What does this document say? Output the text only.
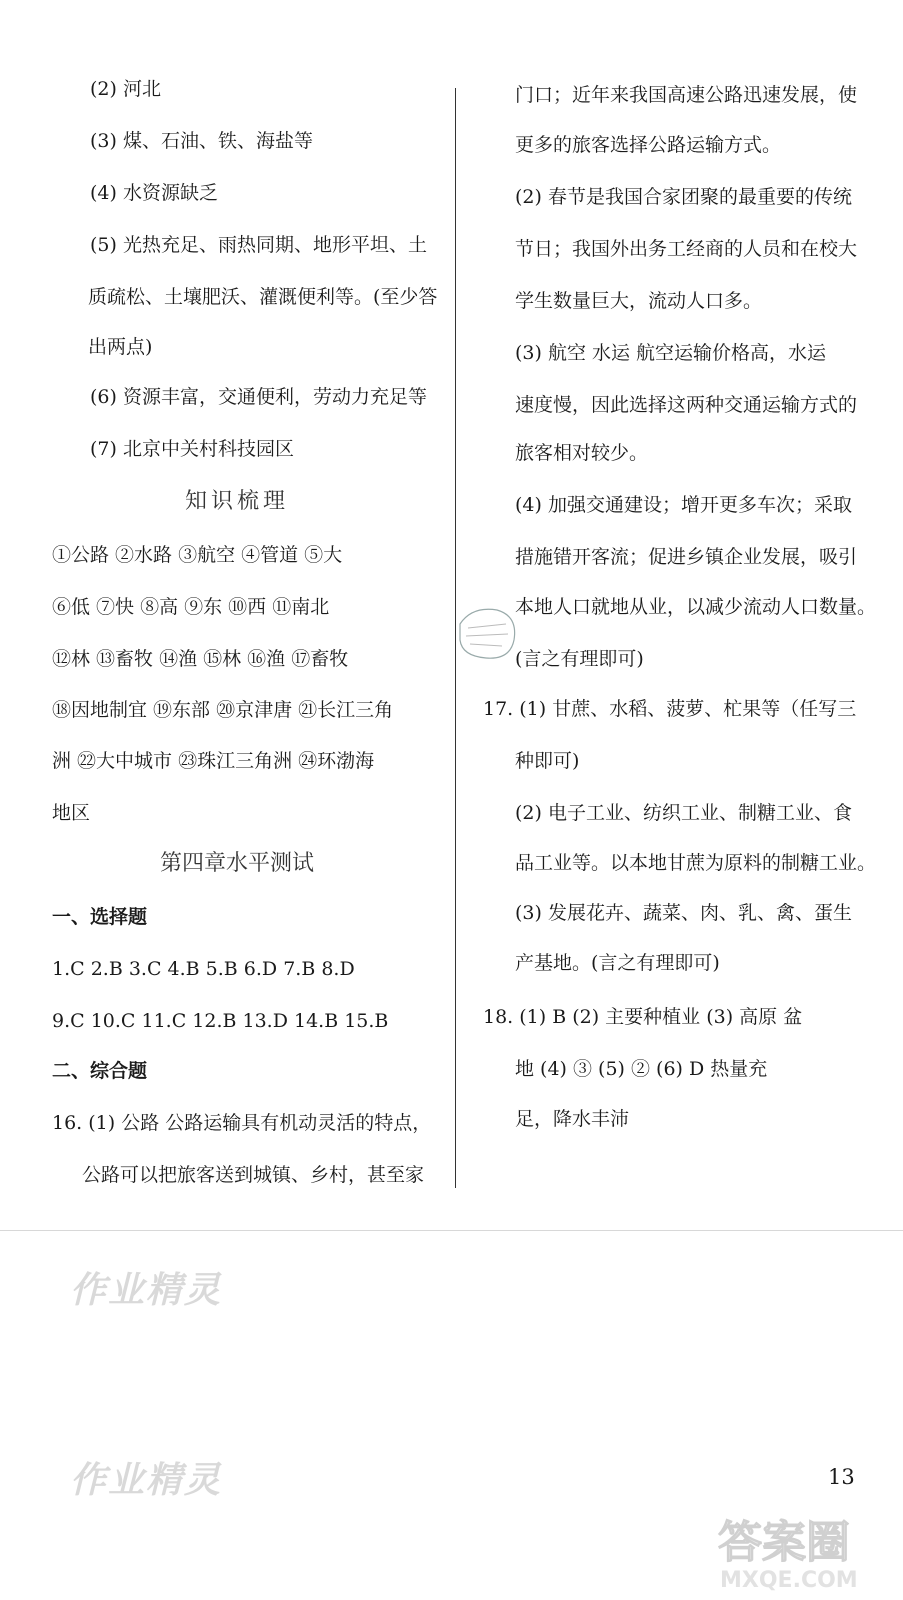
(2) 河北
(3) 煤、石油、铁、海盐等
(4) 水资源缺乏
(5) 光热充足、雨热同期、地形平坦、土
质疏松、土壤肥沃、灌溉便利等。(至少答
出两点)
(6) 资源丰富，交通便利，劳动力充足等
(7) 北京中关村科技园区
知识梳理
①公路 ②水路 ③航空 ④管道 ⑤大
⑥低 ⑦快 ⑧高 ⑨东 ⑩西 ⑪南北
⑫林 ⑬畜牧 ⑭渔 ⑮林 ⑯渔 ⑰畜牧
⑱因地制宜 ⑲东部 ⑳京津唐 ㉑长江三角
洲 ㉒大中城市 ㉓珠江三角洲 ㉔环渤海
地区
第四章水平测试
一、选择题
1.C 2.B 3.C 4.B 5.B 6.D 7.B 8.D
9.C 10.C 11.C 12.B 13.D 14.B 15.B
二、综合题
16. (1) 公路 公路运输具有机动灵活的特点，
公路可以把旅客送到城镇、乡村，甚至家
门口；近年来我国高速公路迅速发展，使
更多的旅客选择公路运输方式。
(2) 春节是我国合家团聚的最重要的传统
节日；我国外出务工经商的人员和在校大
学生数量巨大，流动人口多。
(3) 航空 水运 航空运输价格高，水运
速度慢，因此选择这两种交通运输方式的
旅客相对较少。
(4) 加强交通建设；增开更多车次；采取
措施错开客流；促进乡镇企业发展，吸引
本地人口就地从业，以减少流动人口数量。
(言之有理即可)
17. (1) 甘蔗、水稻、菠萝、杧果等（任写三
种即可)
(2) 电子工业、纺织工业、制糖工业、食
品工业等。以本地甘蔗为原料的制糖工业。
(3) 发展花卉、蔬菜、肉、乳、禽、蛋生
产基地。(言之有理即可)
18. (1) B (2) 主要种植业 (3) 高原 盆
地 (4) ③ (5) ② (6) D 热量充
足，降水丰沛
作业精灵
作业精灵	13
答案圈
MXQE.COM
